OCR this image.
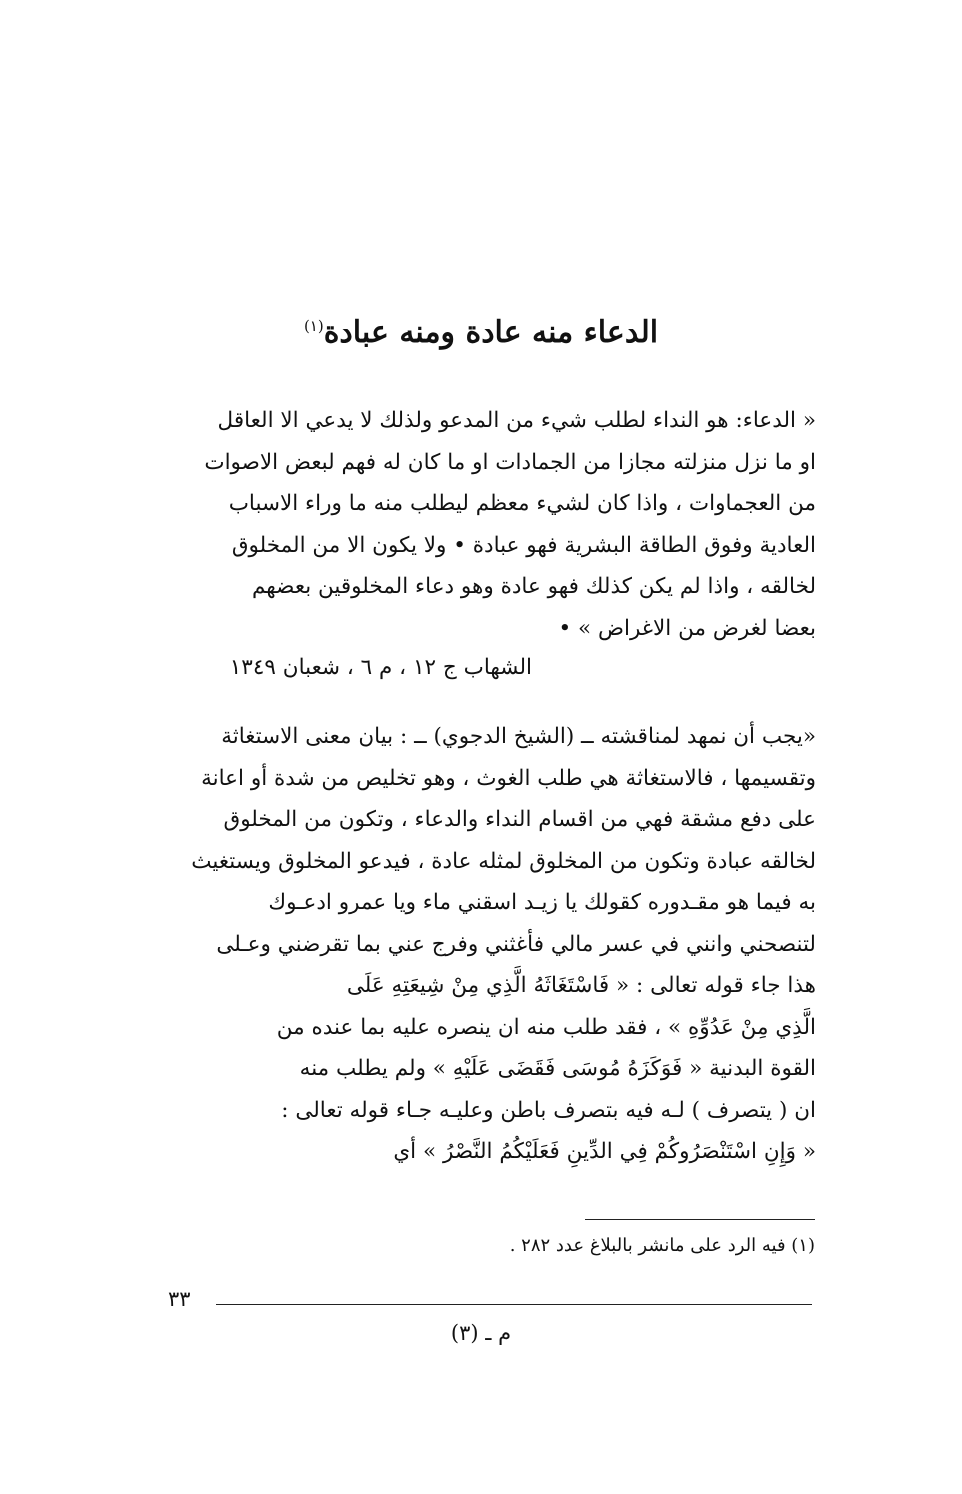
الدعاء منه عادة ومنه عبادة$^{(١)}$

« الدعاء: هو النداء لطلب شيء من المدعو ولذلك لا يدعي الا العاقل
او ما نزل منزلته مجازا من الجمادات او ما كان له فهم لبعض الاصوات
من العجماوات ، واذا كان لشيء معظم ليطلب منه ما وراء الاسباب
العادية وفوق الطاقة البشرية فهو عبادة • ولا يكون الا من المخلوق
لخالقه ، واذا لم يكن كذلك فهو عادة وهو دعاء المخلوقين بعضهم
بعضا لغرض من الاغراض » •

الشهاب ج ١٢ ، م ٦ ، شعبان ١٣٤٩

«يجب أن نمهد لمناقشته ــ (الشيخ الدجوي) ــ : بيان معنى الاستغاثة
وتقسيمها ، فالاستغاثة هي طلب الغوث ، وهو تخليص من شدة أو اعانة
على دفع مشقة فهي من اقسام النداء والدعاء ، وتكون من المخلوق
لخالقه عبادة وتكون من المخلوق لمثله عادة ، فيدعو المخلوق ويستغيث
به فيما هو مقـدوره كقولك يا زيـد اسقني ماء ويا عمرو ادعـوك
لتنصحني وانني في عسر مالي فأغثني وفرج عني بما تقرضني وعـلى
هذا جاء قوله تعالى : « فَاسْتَغَاثَهُ الَّذِي مِنْ شِيعَتِهِ عَلَى
الَّذِي مِنْ عَدُوِّهِ » ، فقد طلب منه ان ينصره عليه بما عنده من
القوة البدنية « فَوَكَزَهُ مُوسَى فَقَضَى عَلَيْهِ » ولم يطلب منه
ان ( يتصرف ) لـه فيه بتصرف باطن وعليـه جـاء قوله تعالى :
« وَإِنِ اسْتَنْصَرُوكُمْ فِي الدِّينِ فَعَلَيْكُمُ النَّصْرُ » أي

(١) فيه الرد على مانشر بالبلاغ عدد ٢٨٢ .

٣٣

م ـ (٣)
